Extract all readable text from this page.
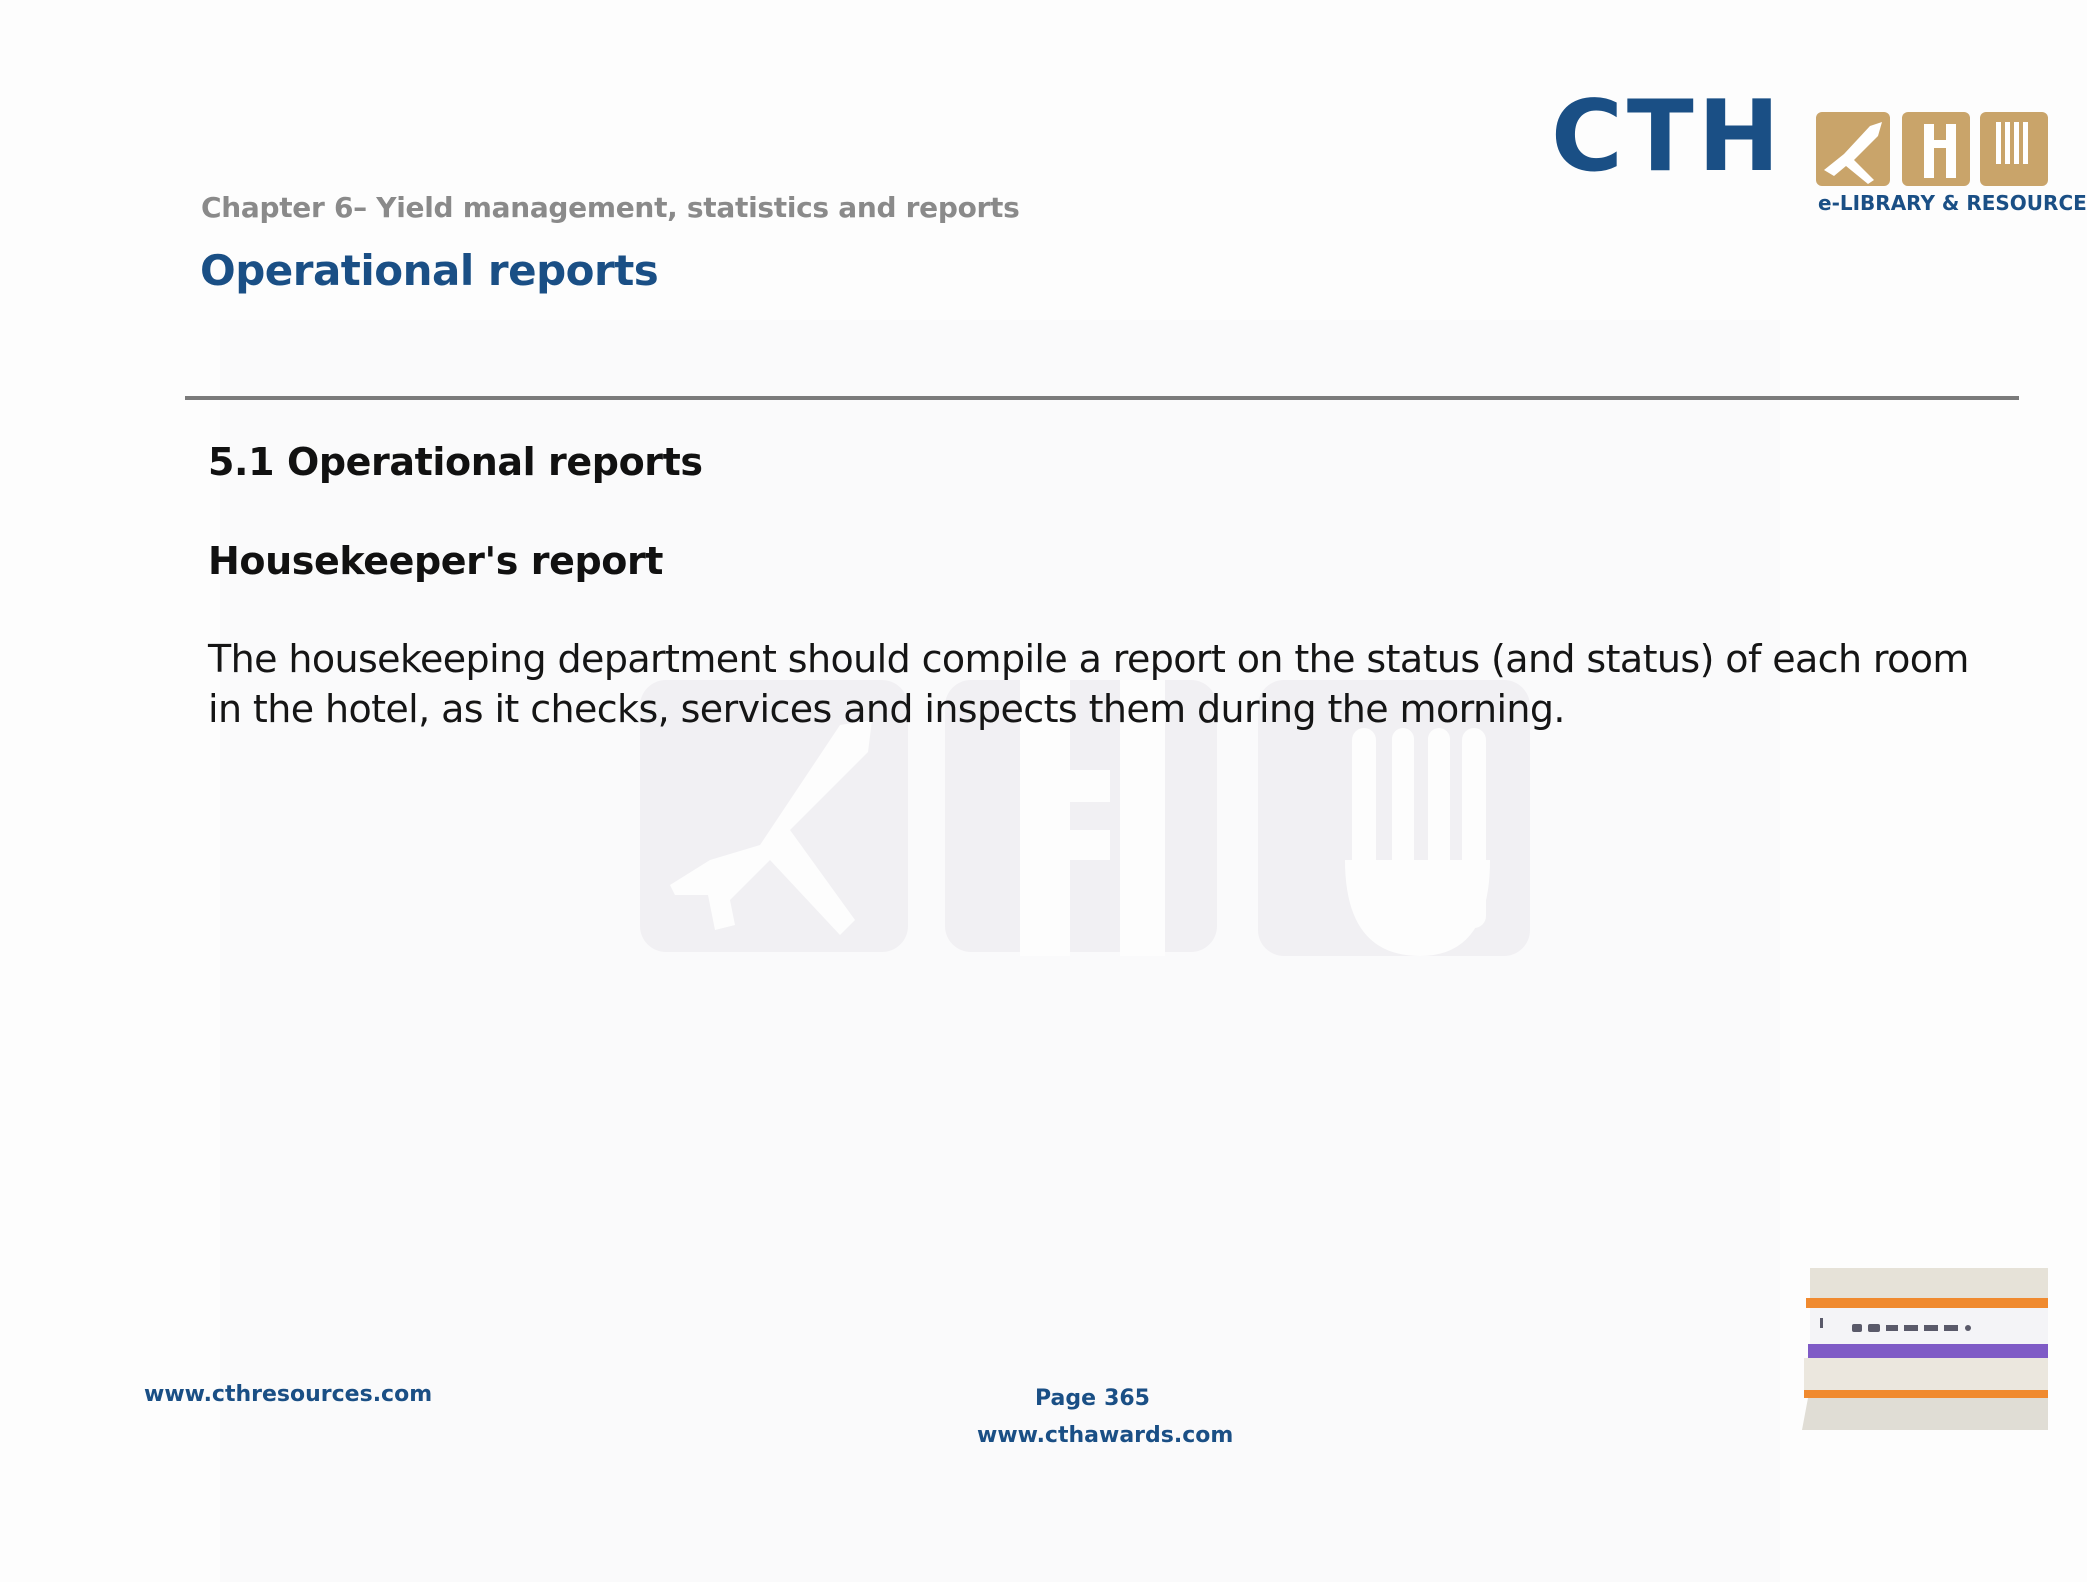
Chapter 6– Yield management, statistics and reports
Operational reports
CTH
e-LIBRARY & RESOURCE
5.1 Operational reports
Housekeeper's report
The housekeeping department should compile a report on the status (and status) of each room in the hotel, as it checks, services and inspects them during the morning.
www.cthresources.com	Page 365
www.cthawards.com
